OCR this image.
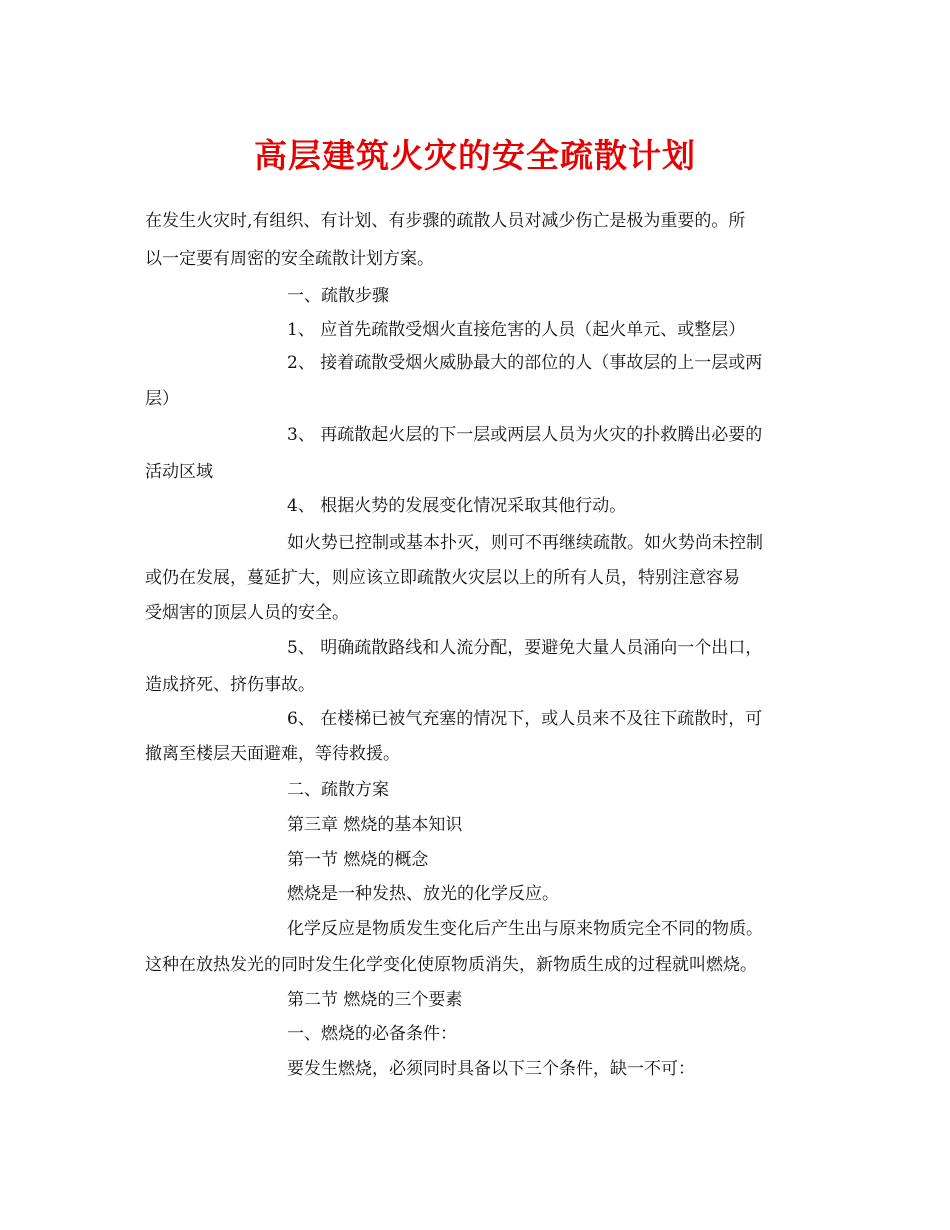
高层建筑火灾的安全疏散计划
在发生火灾时,有组织、有计划、有步骤的疏散人员对减少伤亡是极为重要的。所
以一定要有周密的安全疏散计划方案。
一、疏散步骤
1、 应首先疏散受烟火直接危害的人员（起火单元、或整层）
2、 接着疏散受烟火威胁最大的部位的人（事故层的上一层或两
层）
3、 再疏散起火层的下一层或两层人员为火灾的扑救腾出必要的
活动区域
4、 根据火势的发展变化情况采取其他行动。
如火势已控制或基本扑灭，则可不再继续疏散。如火势尚未控制
或仍在发展，蔓延扩大，则应该立即疏散火灾层以上的所有人员，特别注意容易
受烟害的顶层人员的安全。
5、 明确疏散路线和人流分配，要避免大量人员涌向一个出口，
造成挤死、挤伤事故。
6、 在楼梯已被气充塞的情况下，或人员来不及往下疏散时，可
撤离至楼层天面避难，等待救援。
二、疏散方案
第三章 燃烧的基本知识
第一节 燃烧的概念
燃烧是一种发热、放光的化学反应。
化学反应是物质发生变化后产生出与原来物质完全不同的物质。
这种在放热发光的同时发生化学变化使原物质消失，新物质生成的过程就叫燃烧。
第二节 燃烧的三个要素
一、燃烧的必备条件：
要发生燃烧，必须同时具备以下三个条件，缺一不可：
